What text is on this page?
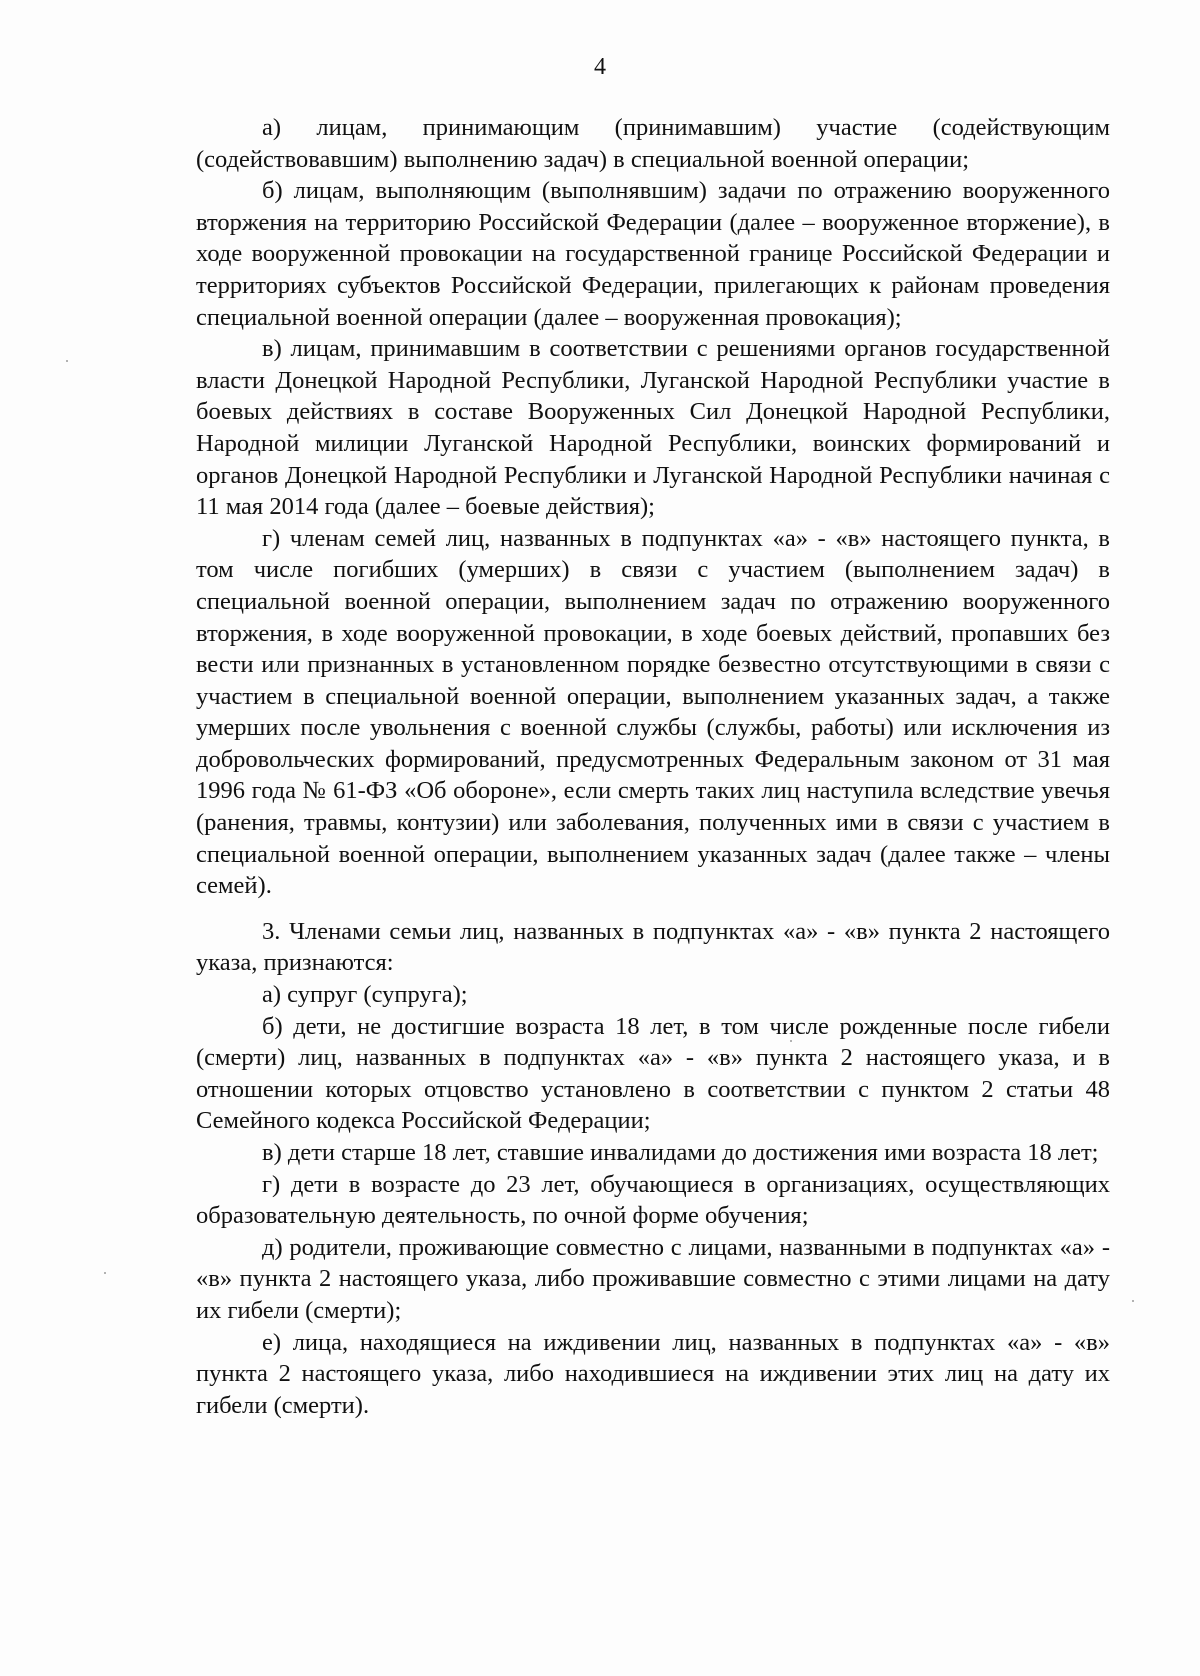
4

а) лицам, принимающим (принимавшим) участие (содействующим (содействовавшим) выполнению задач) в специальной военной операции;

б) лицам, выполняющим (выполнявшим) задачи по отражению вооруженного вторжения на территорию Российской Федерации (далее – вооруженное вторжение), в ходе вооруженной провокации на государственной границе Российской Федерации и территориях субъектов Российской Федерации, прилегающих к районам проведения специальной военной операции (далее – вооруженная провокация);

в) лицам, принимавшим в соответствии с решениями органов государственной власти Донецкой Народной Республики, Луганской Народной Республики участие в боевых действиях в составе Вооруженных Сил Донецкой Народной Республики, Народной милиции Луганской Народной Республики, воинских формирований и органов Донецкой Народной Республики и Луганской Народной Республики начиная с 11 мая 2014 года (далее – боевые действия);

г) членам семей лиц, названных в подпунктах «а» - «в» настоящего пункта, в том числе погибших (умерших) в связи с участием (выполнением задач) в специальной военной операции, выполнением задач по отражению вооруженного вторжения, в ходе вооруженной провокации, в ходе боевых действий, пропавших без вести или признанных в установленном порядке безвестно отсутствующими в связи с участием в специальной военной операции, выполнением указанных задач, а также умерших после увольнения с военной службы (службы, работы) или исключения из добровольческих формирований, предусмотренных Федеральным законом от 31 мая 1996 года № 61-ФЗ «Об обороне», если смерть таких лиц наступила вследствие увечья (ранения, травмы, контузии) или заболевания, полученных ими в связи с участием в специальной военной операции, выполнением указанных задач (далее также – члены семей).

3. Членами семьи лиц, названных в подпунктах «а» - «в» пункта 2 настоящего указа, признаются:

а) супруг (супруга);

б) дети, не достигшие возраста 18 лет, в том числе рожденные после гибели (смерти) лиц, названных в подпунктах «а» - «в» пункта 2 настоящего указа, и в отношении которых отцовство установлено в соответствии с пунктом 2 статьи 48 Семейного кодекса Российской Федерации;

в) дети старше 18 лет, ставшие инвалидами до достижения ими возраста 18 лет;

г) дети в возрасте до 23 лет, обучающиеся в организациях, осуществляющих образовательную деятельность, по очной форме обучения;

д) родители, проживающие совместно с лицами, названными в подпунктах «а» - «в» пункта 2 настоящего указа, либо проживавшие совместно с этими лицами на дату их гибели (смерти);

е) лица, находящиеся на иждивении лиц, названных в подпунктах «а» - «в» пункта 2 настоящего указа, либо находившиеся на иждивении этих лиц на дату их гибели (смерти).
